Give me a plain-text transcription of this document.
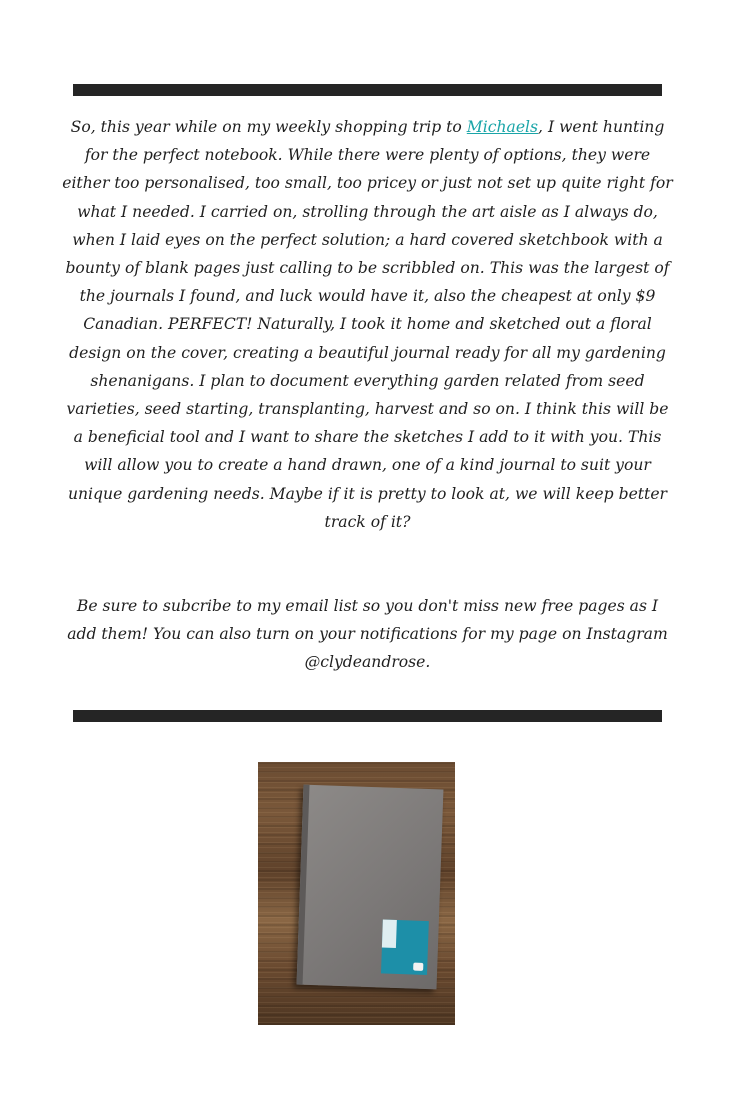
So, this year while on my weekly shopping trip to Michaels, I went hunting for the perfect notebook. While there were plenty of options, they were either too personalised, too small, too pricey or just not set up quite right for what I needed. I carried on, strolling through the art aisle as I always do, when I laid eyes on the perfect solution; a hard covered sketchbook with a bounty of blank pages just calling to be scribbled on. This was the largest of the journals I found, and luck would have it, also the cheapest at only $9 Canadian. PERFECT! Naturally, I took it home and sketched out a floral design on the cover, creating a beautiful journal ready for all my gardening shenanigans. I plan to document everything garden related from seed varieties, seed starting, transplanting, harvest and so on. I think this will be a beneficial tool and I want to share the sketches I add to it with you. This will allow you to create a hand drawn, one of a kind journal to suit your unique gardening needs. Maybe if it is pretty to look at, we will keep better track of it?

Be sure to subcribe to my email list so you don't miss new free pages as I add them! You can also turn on your notifications for my page on Instagram @clydeandrose.
